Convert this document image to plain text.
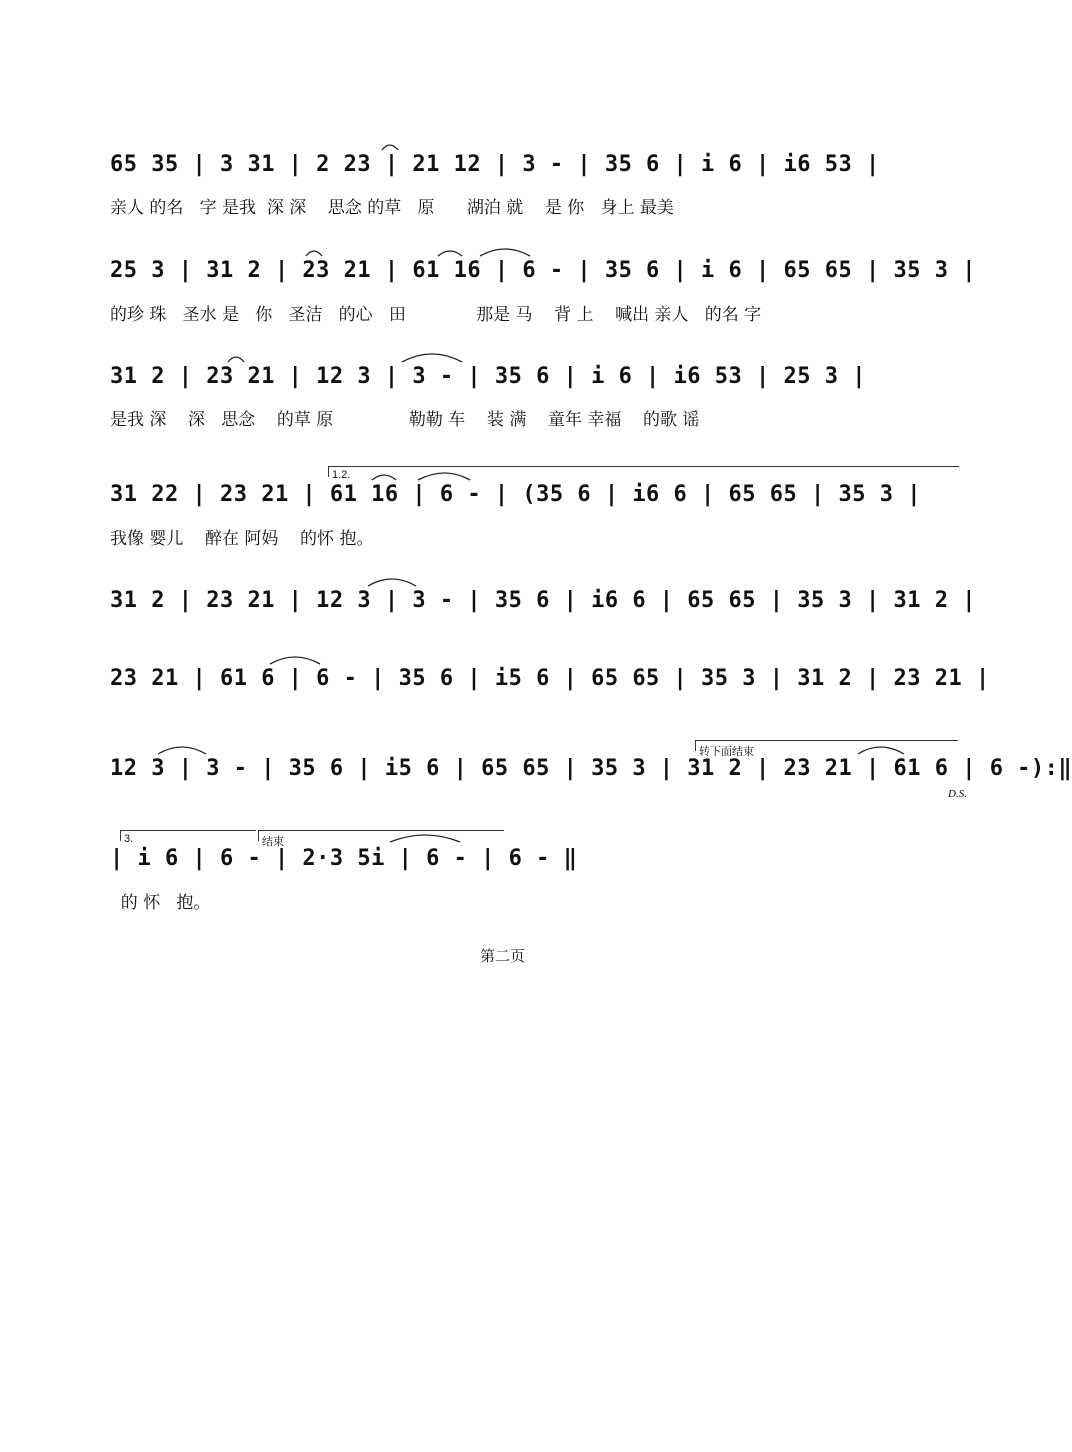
65 35 | 3 31 | 2 23 | 21 12 | 3 - | 35 6 | i 6 | i6 53 |
亲人 的名   字 是我  深 深    思念 的草   原      湖泊 就    是 你   身上 最美
25 3 | 31 2 | 23 21 | 61 16 | 6 - | 35 6 | i 6 | 65 65 | 35 3 |
的珍 珠   圣水 是   你   圣洁   的心   田             那是 马    背 上    喊出 亲人   的名 字
31 2 | 23 21 | 12 3 | 3 - | 35 6 | i 6 | i6 53 | 25 3 |
是我 深    深   思念    的草 原              勒勒 车    装 满    童年 幸福    的歌 谣
1.2.
31 22 | 23 21 | 61 16 | 6 - | (35 6 | i6 6 | 65 65 | 35 3 |
我像 婴儿    醉在 阿妈    的怀 抱。
31 2 | 23 21 | 12 3 | 3 - | 35 6 | i6 6 | 65 65 | 35 3 | 31 2 |
23 21 | 61 6 | 6 - | 35 6 | i5 6 | 65 65 | 35 3 | 31 2 | 23 21 |
转下面结束
12 3 | 3 - | 35 6 | i5 6 | 65 65 | 35 3 | 31 2 | 23 21 | 61 6 | 6 -):‖
D.S.
3.	结束
| i 6 | 6 - | 2·3 5i | 6 - | 6 - ‖
的 怀   抱。
第二页
